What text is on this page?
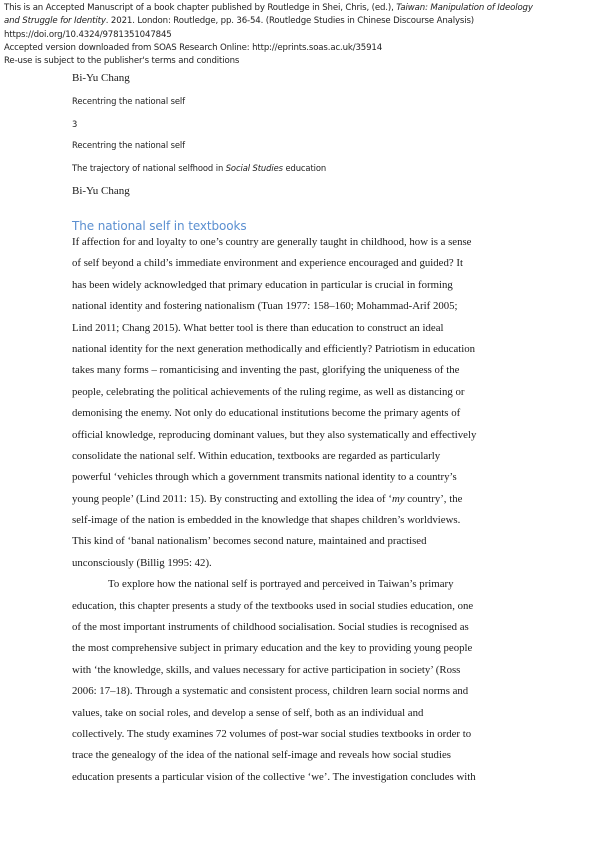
This is an Accepted Manuscript of a book chapter published by Routledge in Shei, Chris, (ed.), Taiwan: Manipulation of Ideology
and Struggle for Identity. 2021. London: Routledge, pp. 36-54. (Routledge Studies in Chinese Discourse Analysis)
https://doi.org/10.4324/9781351047845
Accepted version downloaded from SOAS Research Online: http://eprints.soas.ac.uk/35914
Re-use is subject to the publisher's terms and conditions
Bi-Yu Chang
Recentring the national self
3
Recentring the national self
The trajectory of national selfhood in Social Studies education
Bi-Yu Chang
The national self in textbooks
If affection for and loyalty to one’s country are generally taught in childhood, how is a sense
of self beyond a child’s immediate environment and experience encouraged and guided? It
has been widely acknowledged that primary education in particular is crucial in forming
national identity and fostering nationalism (Tuan 1977: 158–160; Mohammad-Arif 2005;
Lind 2011; Chang 2015). What better tool is there than education to construct an ideal
national identity for the next generation methodically and efficiently? Patriotism in education
takes many forms – romanticising and inventing the past, glorifying the uniqueness of the
people, celebrating the political achievements of the ruling regime, as well as distancing or
demonising the enemy. Not only do educational institutions become the primary agents of
official knowledge, reproducing dominant values, but they also systematically and effectively
consolidate the national self. Within education, textbooks are regarded as particularly
powerful ‘vehicles through which a government transmits national identity to a country’s
young people’ (Lind 2011: 15). By constructing and extolling the idea of ‘my country’, the
self-image of the nation is embedded in the knowledge that shapes children’s worldviews.
This kind of ‘banal nationalism’ becomes second nature, maintained and practised
unconsciously (Billig 1995: 42).
To explore how the national self is portrayed and perceived in Taiwan’s primary
education, this chapter presents a study of the textbooks used in social studies education, one
of the most important instruments of childhood socialisation. Social studies is recognised as
the most comprehensive subject in primary education and the key to providing young people
with ‘the knowledge, skills, and values necessary for active participation in society’ (Ross
2006: 17–18). Through a systematic and consistent process, children learn social norms and
values, take on social roles, and develop a sense of self, both as an individual and
collectively. The study examines 72 volumes of post-war social studies textbooks in order to
trace the genealogy of the idea of the national self-image and reveals how social studies
education presents a particular vision of the collective ‘we’. The investigation concludes with
